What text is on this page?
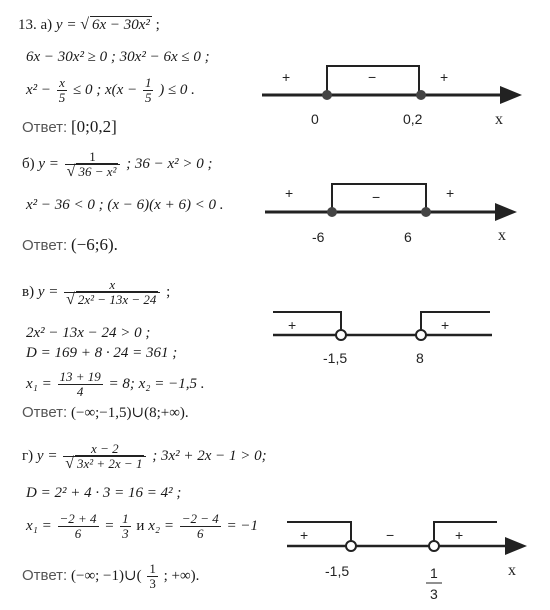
13. а) y = √ 6x − 30x² ;
6x − 30x² ≥ 0 ; 30x² − 6x ≤ 0 ;
$x^2 - \frac{x}{5} \le 0$ ; $x(x - \frac{1}{5}$ ) ≤ 0 .
Ответ: [0;0,2]
б) $y = \frac{1}{\text{√ 36 − x²}}$ ; 36 − x² > 0 ;
x² − 36 < 0 ; (x − 6)(x + 6) < 0 .
Ответ: (−6;6).
в) $y = \frac{x}{\text{√ 2x² − 13x − 24}}$ ;
2x² − 13x − 24 > 0 ;
D = 169 + 8 · 24 = 361 ;
$x_1 = \frac{13 + 19}{4} = 8$; x₂ = −1,5 .
Ответ: (−∞;−1,5)∪(8;+∞).
г) $y = \frac{x - 2}{\text{√ 3x² + 2x − 1}}$ ; 3x² + 2x − 1 > 0;
D = 2² + 4 · 3 = 16 = 4² ;
$x_1 = \frac{-2 + 4}{6} = \frac{1}{3}$ и $x_2 = \frac{-2 - 4}{6} = -1$
Ответ: (−∞; −1)∪( $\frac{1}{3}$ ; +∞).
+	−	+
0	0,2	x
+	−	+
-6	6	x
+	+
-1,5	8
+	−	+
-1,5	1
3
x
